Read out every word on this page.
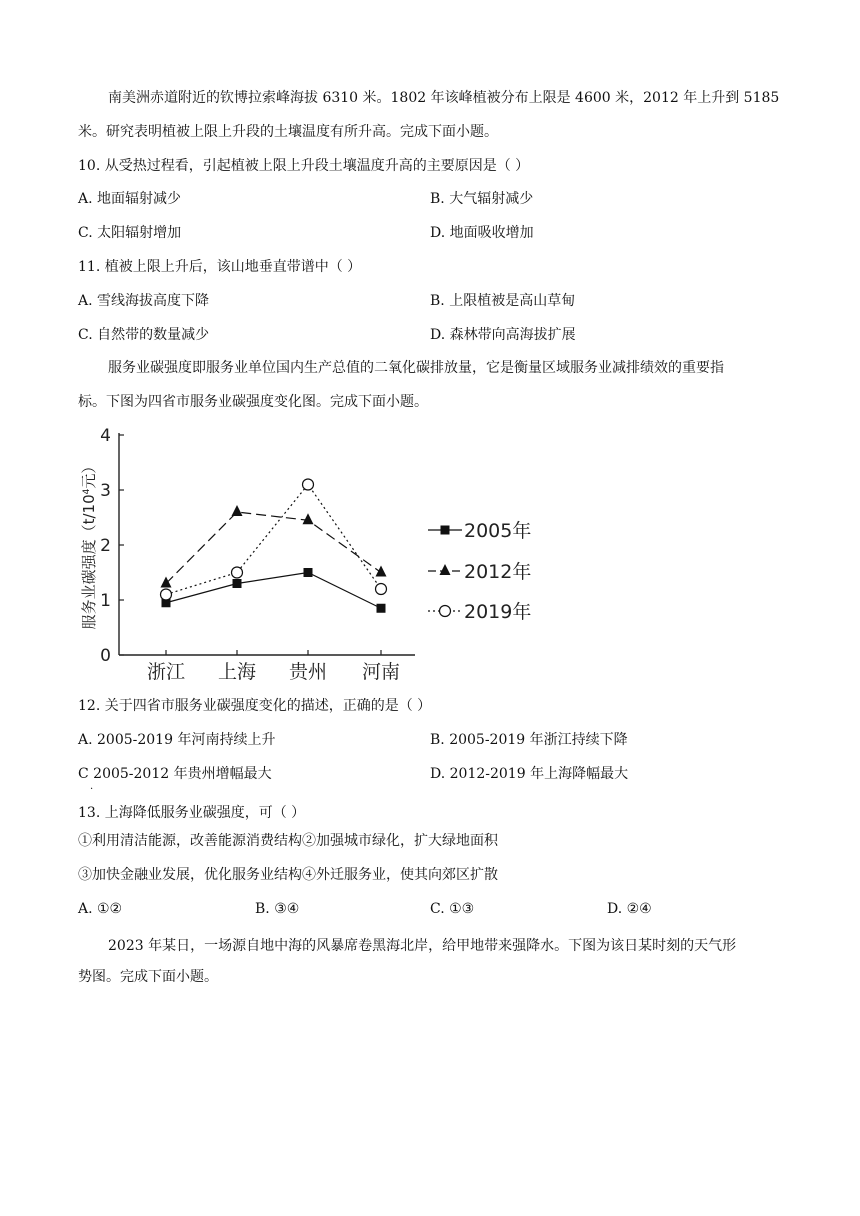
南美洲赤道附近的钦博拉索峰海拔 6310 米。1802 年该峰植被分布上限是 4600 米，2012 年上升到 5185
米。研究表明植被上限上升段的土壤温度有所升高。完成下面小题。
10. 从受热过程看，引起植被上限上升段土壤温度升高的主要原因是（ ）
A. 地面辐射减少	B. 大气辐射减少
C. 太阳辐射增加	D. 地面吸收增加
11. 植被上限上升后，该山地垂直带谱中（ ）
A. 雪线海拔高度下降	B. 上限植被是高山草甸
C. 自然带的数量减少	D. 森林带向高海拔扩展
服务业碳强度即服务业单位国内生产总值的二氧化碳排放量，它是衡量区域服务业减排绩效的重要指
标。下图为四省市服务业碳强度变化图。完成下面小题。
0
1
2
3
4
浙江 上海 贵州 河南
服务业碳强度（$t/10^4$元）
2005年
2012年
2019年
12. 关于四省市服务业碳强度变化的描述，正确的是（ ）
A. 2005-2019 年河南持续上升	B. 2005-2019 年浙江持续下降
C 2005-2012 年贵州增幅最大	D. 2012-2019 年上海降幅最大
.
13. 上海降低服务业碳强度，可（ ）
①利用清洁能源，改善能源消费结构②加强城市绿化，扩大绿地面积
③加快金融业发展，优化服务业结构④外迁服务业，使其向郊区扩散
A. ①②	B. ③④	C. ①③	D. ②④
2023 年某日，一场源自地中海的风暴席卷黑海北岸，给甲地带来强降水。下图为该日某时刻的天气形
势图。完成下面小题。
